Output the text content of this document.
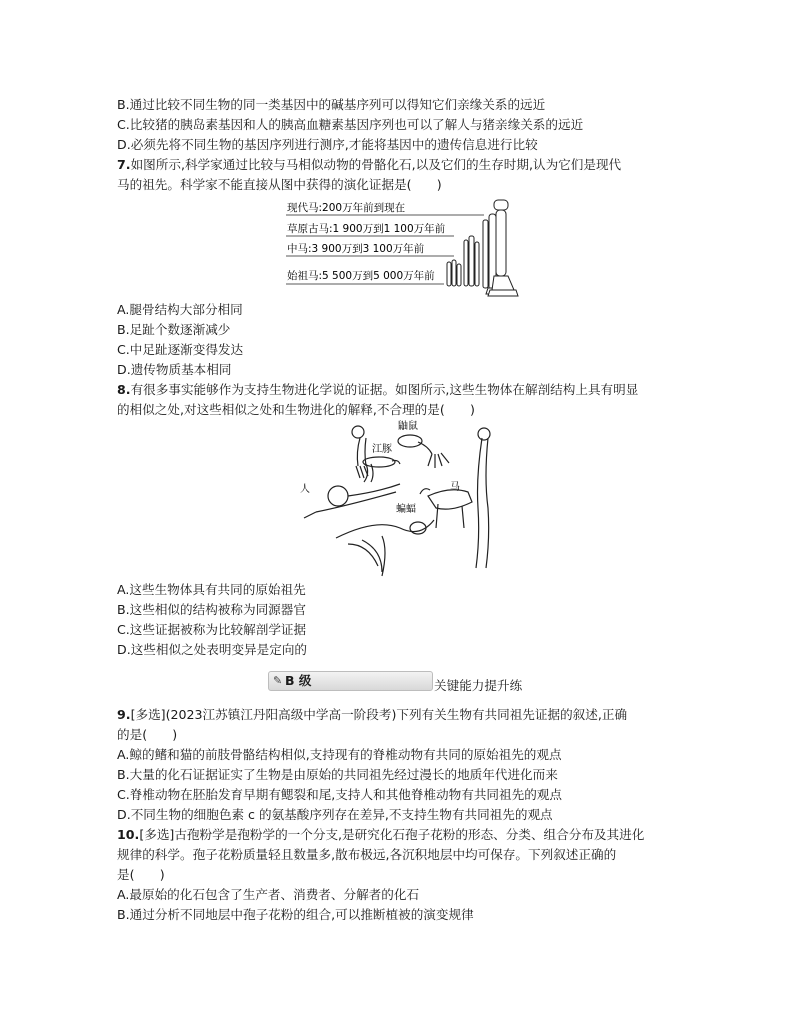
B.通过比较不同生物的同一类基因中的碱基序列可以得知它们亲缘关系的远近
C.比较猪的胰岛素基因和人的胰高血糖素基因序列也可以了解人与猪亲缘关系的远近
D.必须先将不同生物的基因序列进行测序,才能将基因中的遗传信息进行比较
7.如图所示,科学家通过比较与马相似动物的骨骼化石,以及它们的生存时期,认为它们是现代
马的祖先。科学家不能直接从图中获得的演化证据是(　　)
现代马:200万年前到现在
草原古马:1 900万到1 100万年前
中马:3 900万到3 100万年前
始祖马:5 500万到5 000万年前
A.腿骨结构大部分相同
B.足趾个数逐渐减少
C.中足趾逐渐变得发达
D.遗传物质基本相同
8.有很多事实能够作为支持生物进化学说的证据。如图所示,这些生物体在解剖结构上具有明显
的相似之处,对这些相似之处和生物进化的解释,不合理的是(　　)
鼬鼠
江豚
人	马
蝙蝠
A.这些生物体具有共同的原始祖先
B.这些相似的结构被称为同源器官
C.这些证据被称为比较解剖学证据
D.这些相似之处表明变异是定向的
✎ B 级	关键能力提升练
9.[多选](2023江苏镇江丹阳高级中学高一阶段考)下列有关生物有共同祖先证据的叙述,正确
的是(　　)
A.鲸的鳍和猫的前肢骨骼结构相似,支持现有的脊椎动物有共同的原始祖先的观点
B.大量的化石证据证实了生物是由原始的共同祖先经过漫长的地质年代进化而来
C.脊椎动物在胚胎发育早期有鳃裂和尾,支持人和其他脊椎动物有共同祖先的观点
D.不同生物的细胞色素 c 的氨基酸序列存在差异,不支持生物有共同祖先的观点
10.[多选]古孢粉学是孢粉学的一个分支,是研究化石孢子花粉的形态、分类、组合分布及其进化
规律的科学。孢子花粉质量轻且数量多,散布极远,各沉积地层中均可保存。下列叙述正确的
是(　　)
A.最原始的化石包含了生产者、消费者、分解者的化石
B.通过分析不同地层中孢子花粉的组合,可以推断植被的演变规律
